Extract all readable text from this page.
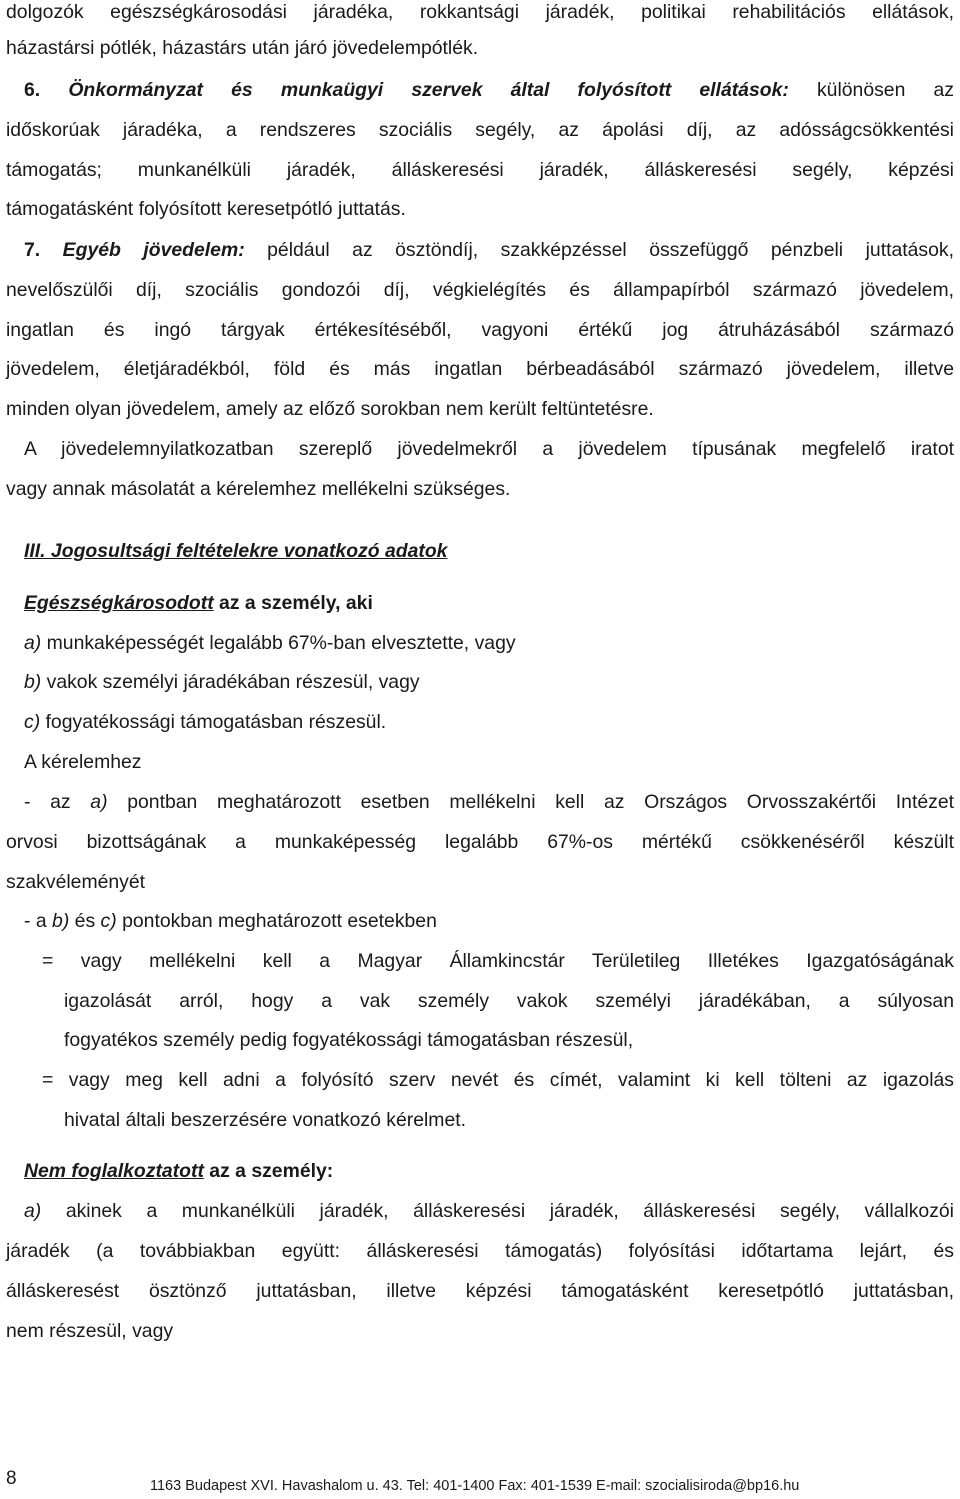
dolgozók egészségkárosodási járadéka, rokkantsági járadék, politikai rehabilitációs ellátások,
házastársi pótlék, házastárs után járó jövedelempótlék.
6. Önkormányzat és munkaügyi szervek által folyósított ellátások: különösen az
időskorúak járadéka, a rendszeres szociális segély, az ápolási díj, az adósságcsökkentési
támogatás; munkanélküli járadék, álláskeresési járadék, álláskeresési segély, képzési
támogatásként folyósított keresetpótló juttatás.
7. Egyéb jövedelem: például az ösztöndíj, szakképzéssel összefüggő pénzbeli juttatások,
nevelőszülői díj, szociális gondozói díj, végkielégítés és állampapírból származó jövedelem,
ingatlan és ingó tárgyak értékesítéséből, vagyoni értékű jog átruházásából származó
jövedelem, életjáradékból, föld és más ingatlan bérbeadásából származó jövedelem, illetve
minden olyan jövedelem, amely az előző sorokban nem került feltüntetésre.
A jövedelemnyilatkozatban szereplő jövedelmekről a jövedelem típusának megfelelő iratot
vagy annak másolatát a kérelemhez mellékelni szükséges.
III. Jogosultsági feltételekre vonatkozó adatok
Egészségkárosodott az a személy, aki
a) munkaképességét legalább 67%-ban elvesztette, vagy
b) vakok személyi járadékában részesül, vagy
c) fogyatékossági támogatásban részesül.
A kérelemhez
- az a) pontban meghatározott esetben mellékelni kell az Országos Orvosszakértői Intézet
orvosi bizottságának a munkaképesség legalább 67%-os mértékű csökkenéséről készült
szakvéleményét
- a b) és c) pontokban meghatározott esetekben
= vagy mellékelni kell a Magyar Államkincstár Területileg Illetékes Igazgatóságának
igazolását arról, hogy a vak személy vakok személyi járadékában, a súlyosan
fogyatékos személy pedig fogyatékossági támogatásban részesül,
= vagy meg kell adni a folyósító szerv nevét és címét, valamint ki kell tölteni az igazolás
hivatal általi beszerzésére vonatkozó kérelmet.
Nem foglalkoztatott az a személy:
a) akinek a munkanélküli járadék, álláskeresési járadék, álláskeresési segély, vállalkozói
járadék (a továbbiakban együtt: álláskeresési támogatás) folyósítási időtartama lejárt, és
álláskeresést ösztönző juttatásban, illetve képzési támogatásként keresetpótló juttatásban,
nem részesül, vagy
8	1163 Budapest XVI. Havashalom u. 43. Tel: 401-1400 Fax: 401-1539 E-mail: szocialisiroda@bp16.hu
